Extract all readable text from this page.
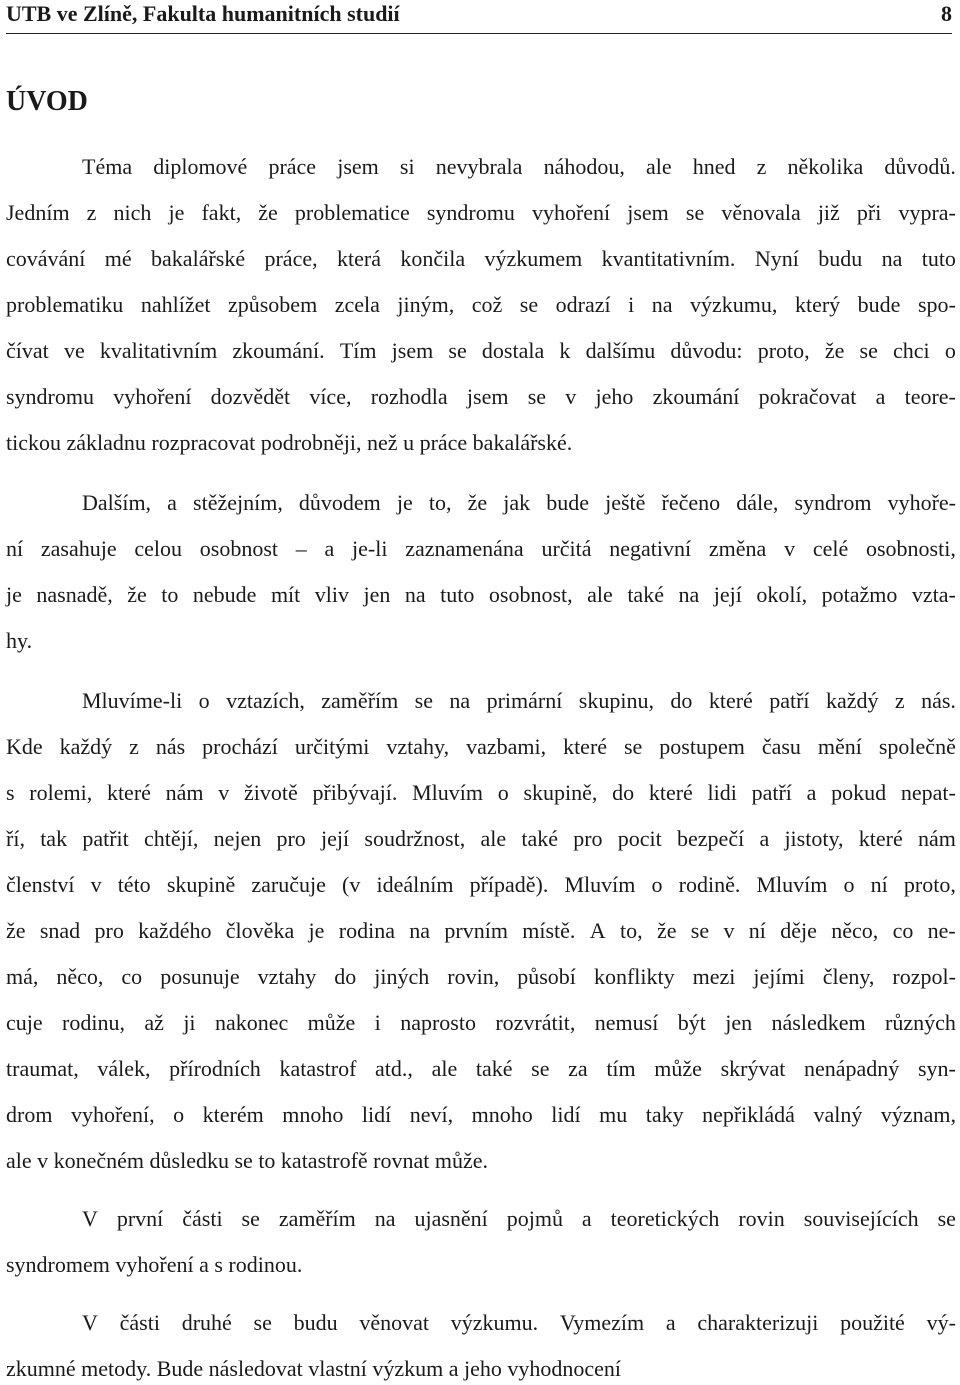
UTB ve Zlíně, Fakulta humanitních studií	8
ÚVOD
Téma diplomové práce jsem si nevybrala náhodou, ale hned z několika důvodů.
Jedním z nich je fakt, že problematice syndromu vyhoření jsem se věnovala již při vypra-
covávání mé bakalářské práce, která končila výzkumem kvantitativním. Nyní budu na tuto
problematiku nahlížet způsobem zcela jiným, což se odrazí i na výzkumu, který bude spo-
čívat ve kvalitativním zkoumání. Tím jsem se dostala k dalšímu důvodu: proto, že se chci o
syndromu vyhoření dozvědět více, rozhodla jsem se v jeho zkoumání pokračovat a teore-
tickou základnu rozpracovat podrobněji, než u práce bakalářské.
Dalším, a stěžejním, důvodem je to, že jak bude ještě řečeno dále, syndrom vyhoře-
ní zasahuje celou osobnost – a je-li zaznamenána určitá negativní změna v celé osobnosti,
je nasnadě, že to nebude mít vliv jen na tuto osobnost, ale také na její okolí, potažmo vzta-
hy.
Mluvíme-li o vztazích, zaměřím se na primární skupinu, do které patří každý z nás.
Kde každý z nás prochází určitými vztahy, vazbami, které se postupem času mění společně
s rolemi, které nám v životě přibývají. Mluvím o skupině, do které lidi patří a pokud nepat-
ří, tak patřit chtějí, nejen pro její soudržnost, ale také pro pocit bezpečí a jistoty, které nám
členství v této skupině zaručuje (v ideálním případě). Mluvím o rodině. Mluvím o ní proto,
že snad pro každého člověka je rodina na prvním místě. A to, že se v ní děje něco, co ne-
má, něco, co posunuje vztahy do jiných rovin, působí konflikty mezi jejími členy, rozpol-
cuje rodinu, až ji nakonec může i naprosto rozvrátit, nemusí být jen následkem různých
traumat, válek, přírodních katastrof atd., ale také se za tím může skrývat nenápadný syn-
drom vyhoření, o kterém mnoho lidí neví, mnoho lidí mu taky nepřikládá valný význam,
ale v konečném důsledku se to katastrofě rovnat může.
V první části se zaměřím na ujasnění pojmů a teoretických rovin souvisejících se
syndromem vyhoření a s rodinou.
V části druhé se budu věnovat výzkumu. Vymezím a charakterizuji použité vý-
zkumné metody. Bude následovat vlastní výzkum a jeho vyhodnocení
